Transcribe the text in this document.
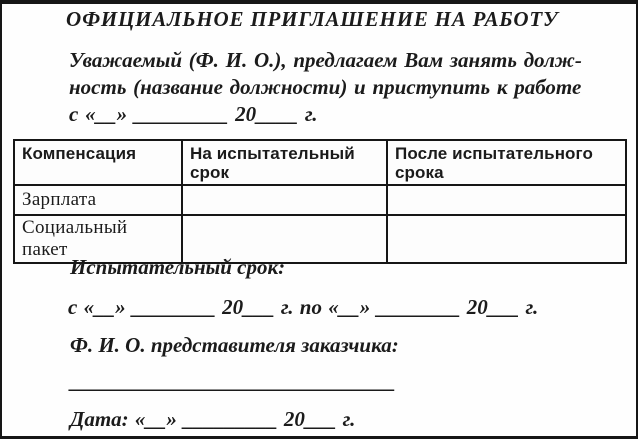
ОФИЦИАЛЬНОЕ ПРИГЛАШЕНИЕ НА РАБОТУ
Уважаемый (Ф. И. О.), предлагаем Вам занять долж-
ность (название должности) и приступить к работе
с «__» _________ 20____ г.
Компенсация	На испытательный срок	После испытательного срока
Зарплата		
Социальный пакет		
Испытательный срок:
с «__» ________ 20___ г. по «__» ________ 20___ г.
Ф. И. О. представителя заказчика:
_______________________________
Дата: «__» _________ 20___ г.
